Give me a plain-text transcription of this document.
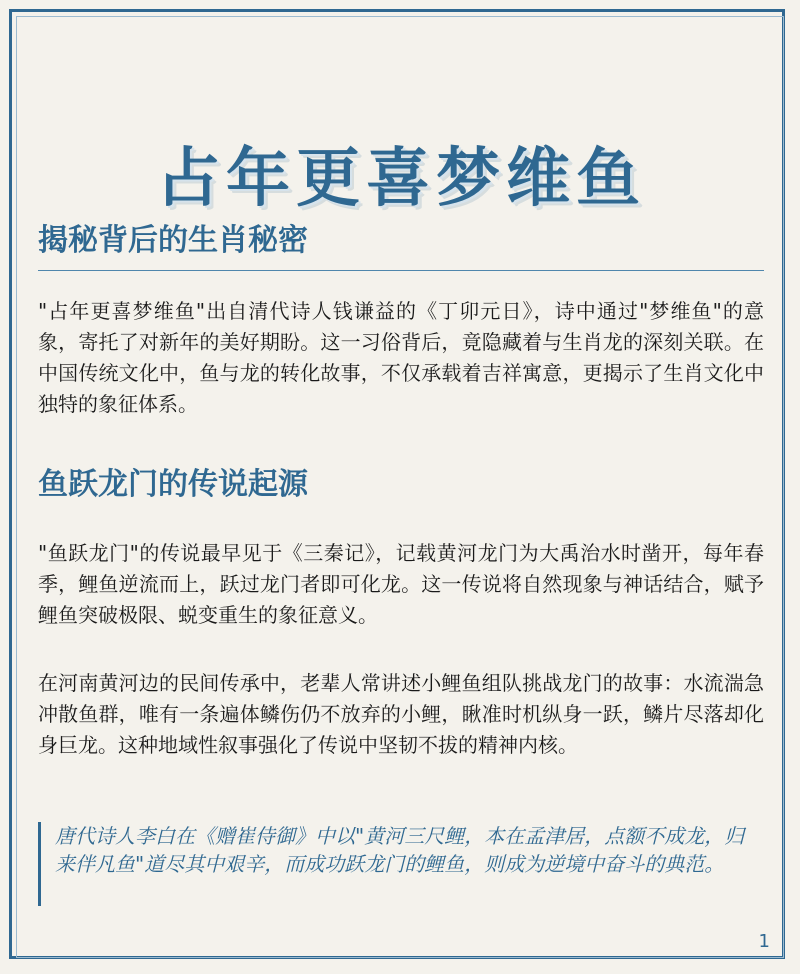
占年更喜梦维鱼
揭秘背后的生肖秘密

"占年更喜梦维鱼"出自清代诗人钱谦益的《丁卯元日》，诗中通过"梦维鱼"的意象，寄托了对新年的美好期盼。这一习俗背后，竟隐藏着与生肖龙的深刻关联。在中国传统文化中，鱼与龙的转化故事，不仅承载着吉祥寓意，更揭示了生肖文化中独特的象征体系。

鱼跃龙门的传说起源

"鱼跃龙门"的传说最早见于《三秦记》，记载黄河龙门为大禹治水时凿开，每年春季，鲤鱼逆流而上，跃过龙门者即可化龙。这一传说将自然现象与神话结合，赋予鲤鱼突破极限、蜕变重生的象征意义。

在河南黄河边的民间传承中，老辈人常讲述小鲤鱼组队挑战龙门的故事：水流湍急冲散鱼群，唯有一条遍体鳞伤仍不放弃的小鲤，瞅准时机纵身一跃，鳞片尽落却化身巨龙。这种地域性叙事强化了传说中坚韧不拔的精神内核。

唐代诗人李白在《赠崔侍御》中以"黄河三尺鲤，本在孟津居，点额不成龙，归来伴凡鱼"道尽其中艰辛，而成功跃龙门的鲤鱼，则成为逆境中奋斗的典范。

1
